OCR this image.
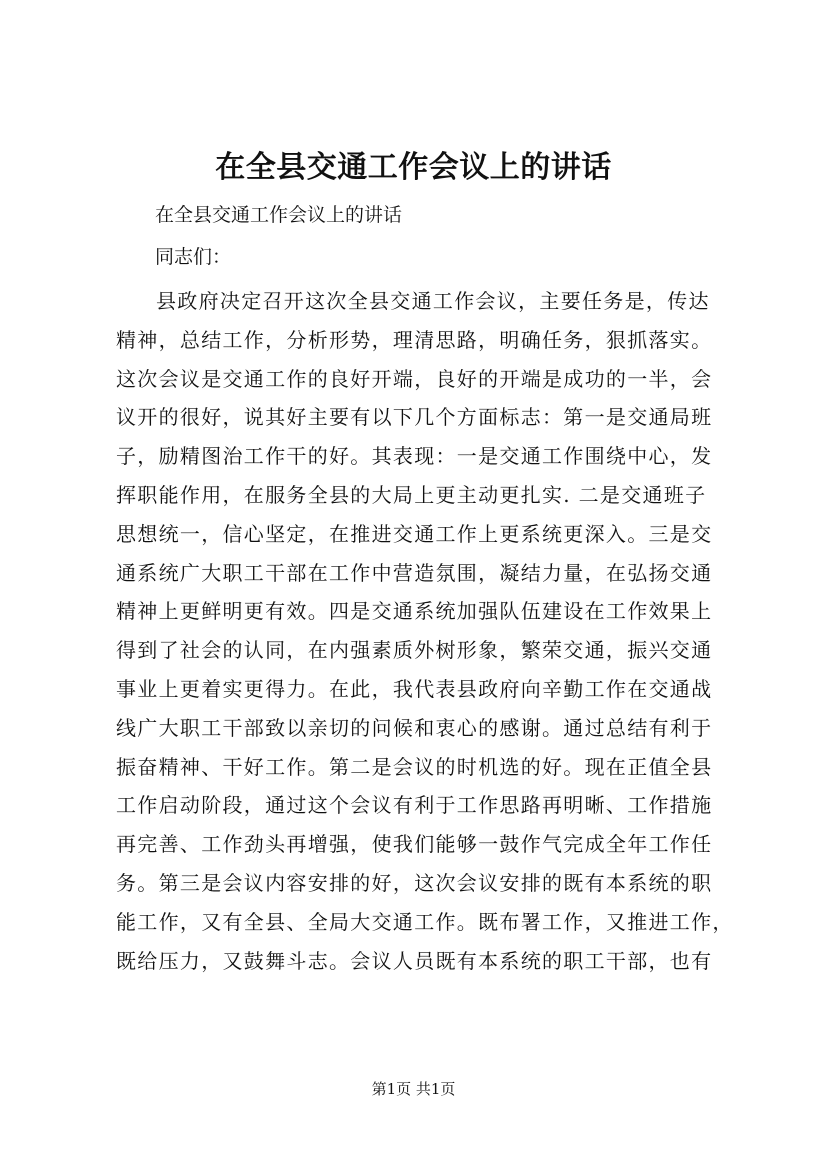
在全县交通工作会议上的讲话
在全县交通工作会议上的讲话
同志们：
县政府决定召开这次全县交通工作会议，主要任务是，传达
精神，总结工作，分析形势，理清思路，明确任务，狠抓落实。
这次会议是交通工作的良好开端，良好的开端是成功的一半，会
议开的很好，说其好主要有以下几个方面标志：第一是交通局班
子，励精图治工作干的好。其表现：一是交通工作围绕中心，发
挥职能作用，在服务全县的大局上更主动更扎实. 二是交通班子
思想统一，信心坚定，在推进交通工作上更系统更深入。三是交
通系统广大职工干部在工作中营造氛围，凝结力量，在弘扬交通
精神上更鲜明更有效。四是交通系统加强队伍建设在工作效果上
得到了社会的认同，在内强素质外树形象，繁荣交通，振兴交通
事业上更着实更得力。在此，我代表县政府向辛勤工作在交通战
线广大职工干部致以亲切的问候和衷心的感谢。通过总结有利于
振奋精神、干好工作。第二是会议的时机选的好。现在正值全县
工作启动阶段，通过这个会议有利于工作思路再明晰、工作措施
再完善、工作劲头再增强，使我们能够一鼓作气完成全年工作任
务。第三是会议内容安排的好，这次会议安排的既有本系统的职
能工作，又有全县、全局大交通工作。既布署工作，又推进工作，
既给压力，又鼓舞斗志。会议人员既有本系统的职工干部，也有
第1页 共1页
